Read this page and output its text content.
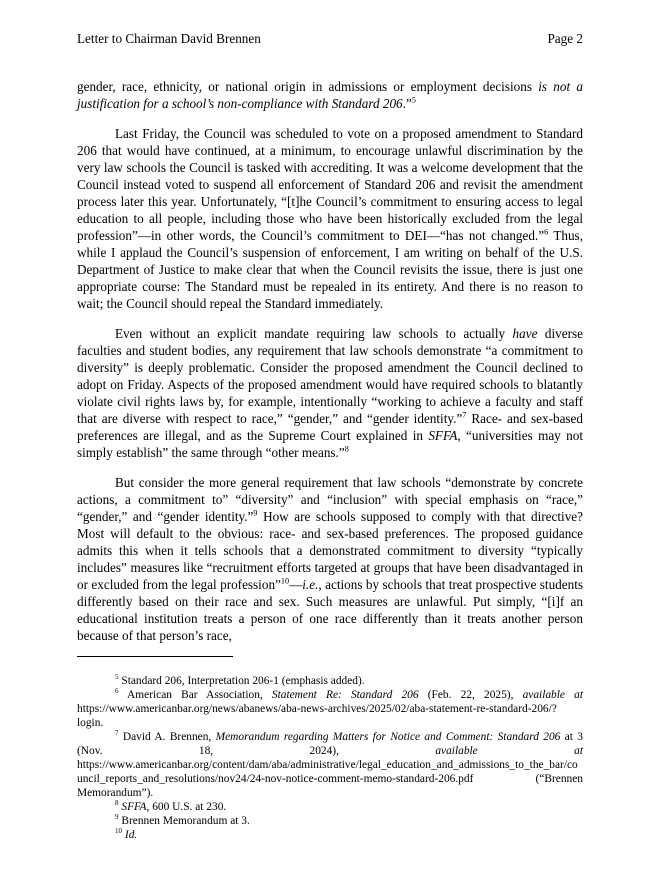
Letter to Chairman David Brennen	Page 2

gender, race, ethnicity, or national origin in admissions or employment decisions is not a justification for a school’s non-compliance with Standard 206.”$^5$

Last Friday, the Council was scheduled to vote on a proposed amendment to Standard 206 that would have continued, at a minimum, to encourage unlawful discrimination by the very law schools the Council is tasked with accrediting. It was a welcome development that the Council instead voted to suspend all enforcement of Standard 206 and revisit the amendment process later this year. Unfortunately, “[t]he Council’s commitment to ensuring access to legal education to all people, including those who have been historically excluded from the legal profession”—in other words, the Council’s commitment to DEI—“has not changed.”$^6$ Thus, while I applaud the Council’s suspension of enforcement, I am writing on behalf of the U.S. Department of Justice to make clear that when the Council revisits the issue, there is just one appropriate course: The Standard must be repealed in its entirety. And there is no reason to wait; the Council should repeal the Standard immediately.

Even without an explicit mandate requiring law schools to actually have diverse faculties and student bodies, any requirement that law schools demonstrate “a commitment to diversity” is deeply problematic. Consider the proposed amendment the Council declined to adopt on Friday. Aspects of the proposed amendment would have required schools to blatantly violate civil rights laws by, for example, intentionally “working to achieve a faculty and staff that are diverse with respect to race,” “gender,” and “gender identity.”$^7$ Race- and sex-based preferences are illegal, and as the Supreme Court explained in SFFA, “universities may not simply establish” the same through “other means.”$^8$

But consider the more general requirement that law schools “demonstrate by concrete actions, a commitment to” “diversity” and “inclusion” with special emphasis on “race,” “gender,” and “gender identity.”$^9$ How are schools supposed to comply with that directive? Most will default to the obvious: race- and sex-based preferences. The proposed guidance admits this when it tells schools that a demonstrated commitment to diversity “typically includes” measures like “recruitment efforts targeted at groups that have been disadvantaged in or excluded from the legal profession”$^{10}$—i.e., actions by schools that treat prospective students differently based on their race and sex. Such measures are unlawful. Put simply, “[i]f an educational institution treats a person of one race differently than it treats another person because of that person’s race,

$^5$ Standard 206, Interpretation 206-1 (emphasis added).

$^6$ American Bar Association, Statement Re: Standard 206 (Feb. 22, 2025), available at https://www.americanbar.org/news/abanews/aba-news-archives/2025/02/aba-statement-re-standard-206/?login.

$^7$ David A. Brennen, Memorandum regarding Matters for Notice and Comment: Standard 206 at 3 (Nov. 18, 2024), available at https://www.americanbar.org/content/dam/aba/administrative/legal_education_and_admissions_to_the_bar/council_reports_and_resolutions/nov24/24-nov-notice-comment-memo-standard-206.pdf (“Brennen Memorandum”).

$^8$ SFFA, 600 U.S. at 230.

$^9$ Brennen Memorandum at 3.

$^{10}$ Id.
